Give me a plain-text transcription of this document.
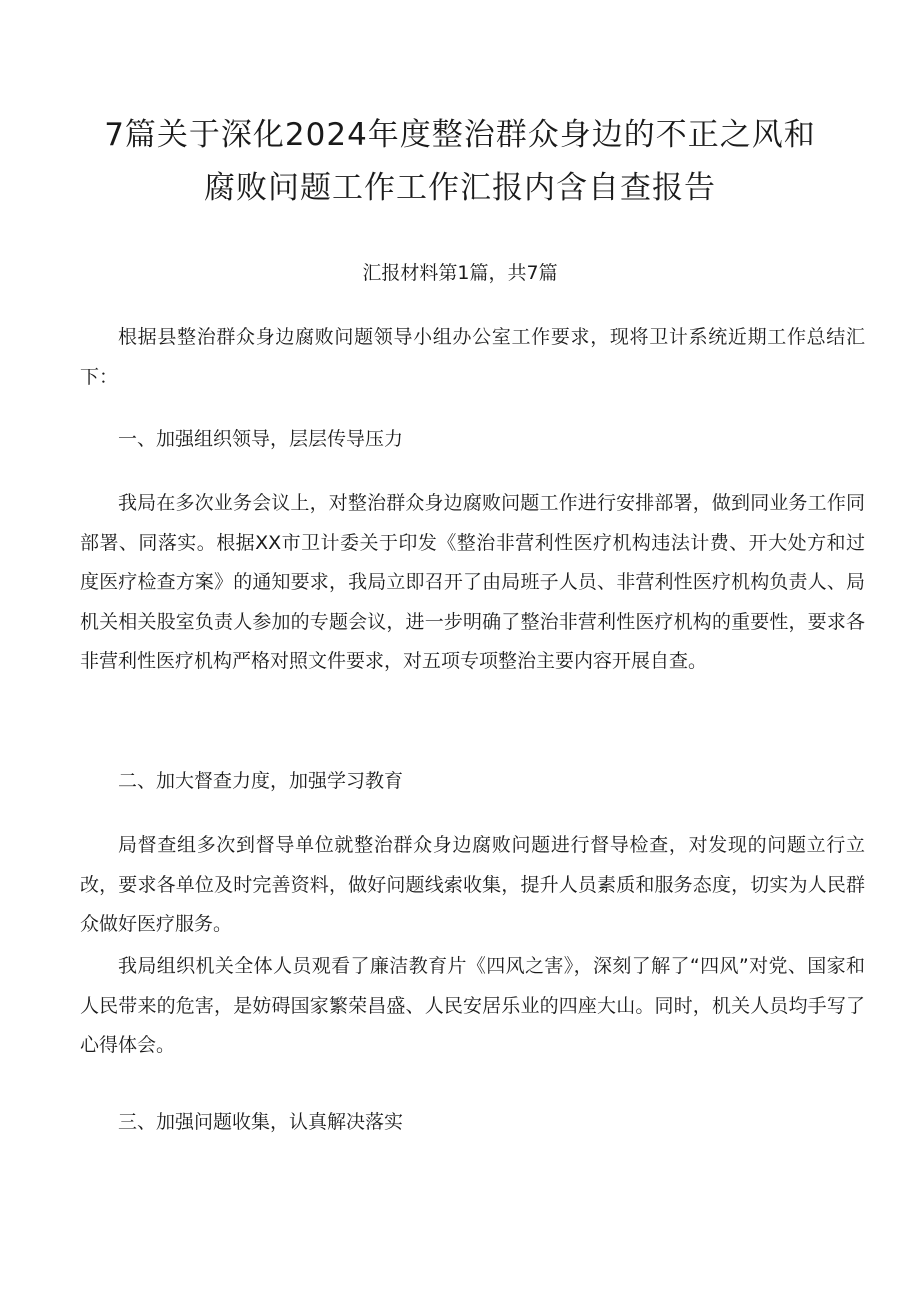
7篇关于深化2024年度整治群众身边的不正之风和
腐败问题工作工作汇报内含自查报告
汇报材料第1篇，共7篇

根据县整治群众身边腐败问题领导小组办公室工作要求，现将卫计系统近期工作总结汇下：

一、加强组织领导，层层传导压力

我局在多次业务会议上，对整治群众身边腐败问题工作进行安排部署，做到同业务工作同部署、同落实。根据XX市卫计委关于印发《整治非营利性医疗机构违法计费、开大处方和过度医疗检查方案》的通知要求，我局立即召开了由局班子人员、非营利性医疗机构负责人、局机关相关股室负责人参加的专题会议，进一步明确了整治非营利性医疗机构的重要性，要求各非营利性医疗机构严格对照文件要求，对五项专项整治主要内容开展自查。

二、加大督查力度，加强学习教育

局督查组多次到督导单位就整治群众身边腐败问题进行督导检查，对发现的问题立行立改，要求各单位及时完善资料，做好问题线索收集，提升人员素质和服务态度，切实为人民群众做好医疗服务。

我局组织机关全体人员观看了廉洁教育片《四风之害》，深刻了解了“四风”对党、国家和人民带来的危害，是妨碍国家繁荣昌盛、人民安居乐业的四座大山。同时，机关人员均手写了心得体会。

三、加强问题收集，认真解决落实
